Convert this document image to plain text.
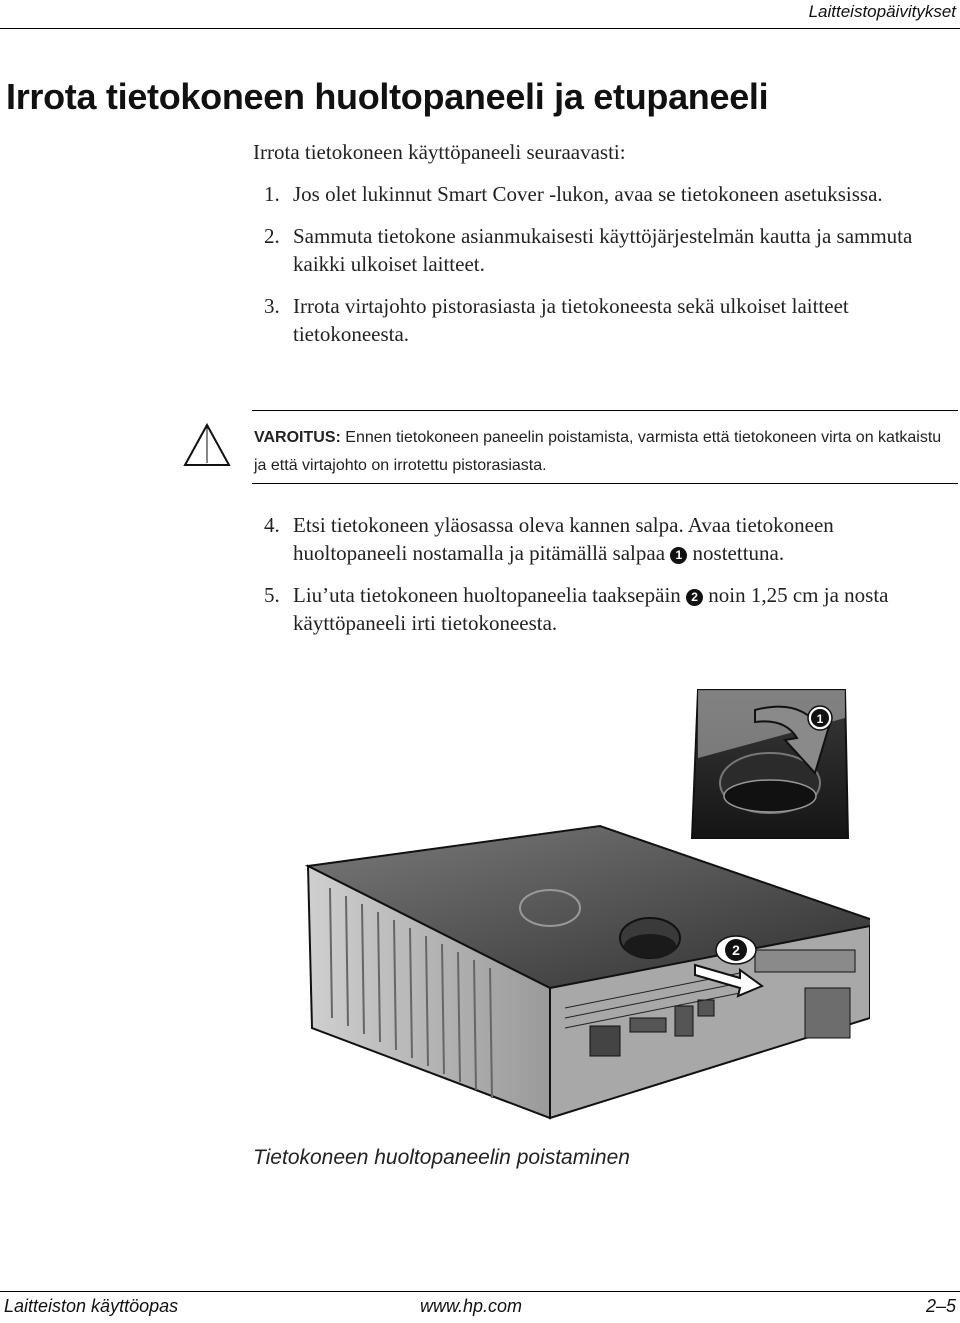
Laitteistopäivitykset
Irrota tietokoneen huoltopaneeli ja etupaneeli
Irrota tietokoneen käyttöpaneeli seuraavasti:
1. Jos olet lukinnut Smart Cover -lukon, avaa se tietokoneen asetuksissa.
2. Sammuta tietokone asianmukaisesti käyttöjärjestelmän kautta ja sammuta kaikki ulkoiset laitteet.
3. Irrota virtajohto pistorasiasta ja tietokoneesta sekä ulkoiset laitteet tietokoneesta.
VAROITUS: Ennen tietokoneen paneelin poistamista, varmista että tietokoneen virta on katkaistu ja että virtajohto on irrotettu pistorasiasta.
4. Etsi tietokoneen yläosassa oleva kannen salpa. Avaa tietokoneen huoltopaneeli nostamalla ja pitämällä salpaa 1 nostettuna.
5. Liu’uta tietokoneen huoltopaneelia taaksepäin 2 noin 1,25 cm ja nosta käyttöpaneeli irti tietokoneesta.
2
1
Tietokoneen huoltopaneelin poistaminen
Laitteiston käyttöopas	www.hp.com	2–5
